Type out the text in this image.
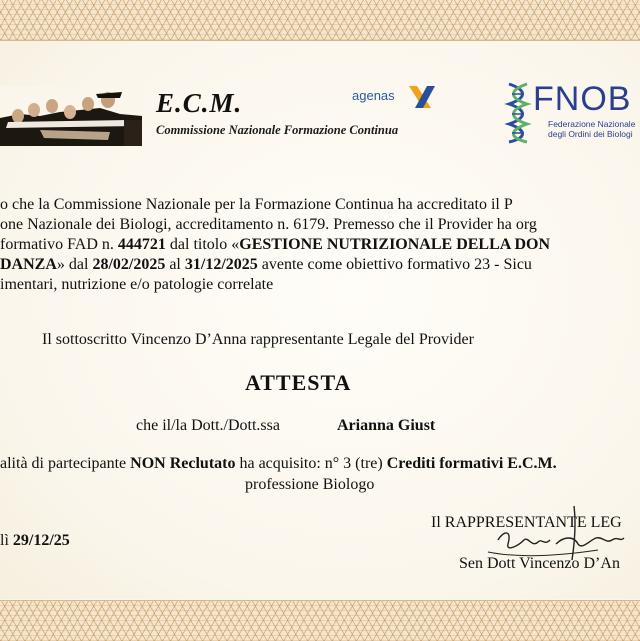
E.C.M.
Commissione Nazionale Formazione Continua
agenas	FNOB
Federazione Nazionale
degli Ordini dei Biologi
o che la Commissione Nazionale per la Formazione Continua ha accreditato il P
one Nazionale dei Biologi, accreditamento n. 6179. Premesso che il Provider ha org
formativo FAD n. 444721 dal titolo «GESTIONE NUTRIZIONALE DELLA DON
DANZA» dal 28/02/2025 al 31/12/2025 avente come obiettivo formativo 23 - Sicu
imentari, nutrizione e/o patologie correlate
Il sottoscritto Vincenzo D’Anna rappresentante Legale del Provider
ATTESTA
che il/la Dott./Dott.ssa	Arianna Giust
alità di partecipante NON Reclutato ha acquisito: n° 3 (tre) Crediti formativi E.C.M.
professione Biologo
lì 29/12/25
Il RAPPRESENTANTE LEG
Sen Dott Vincenzo D’An
